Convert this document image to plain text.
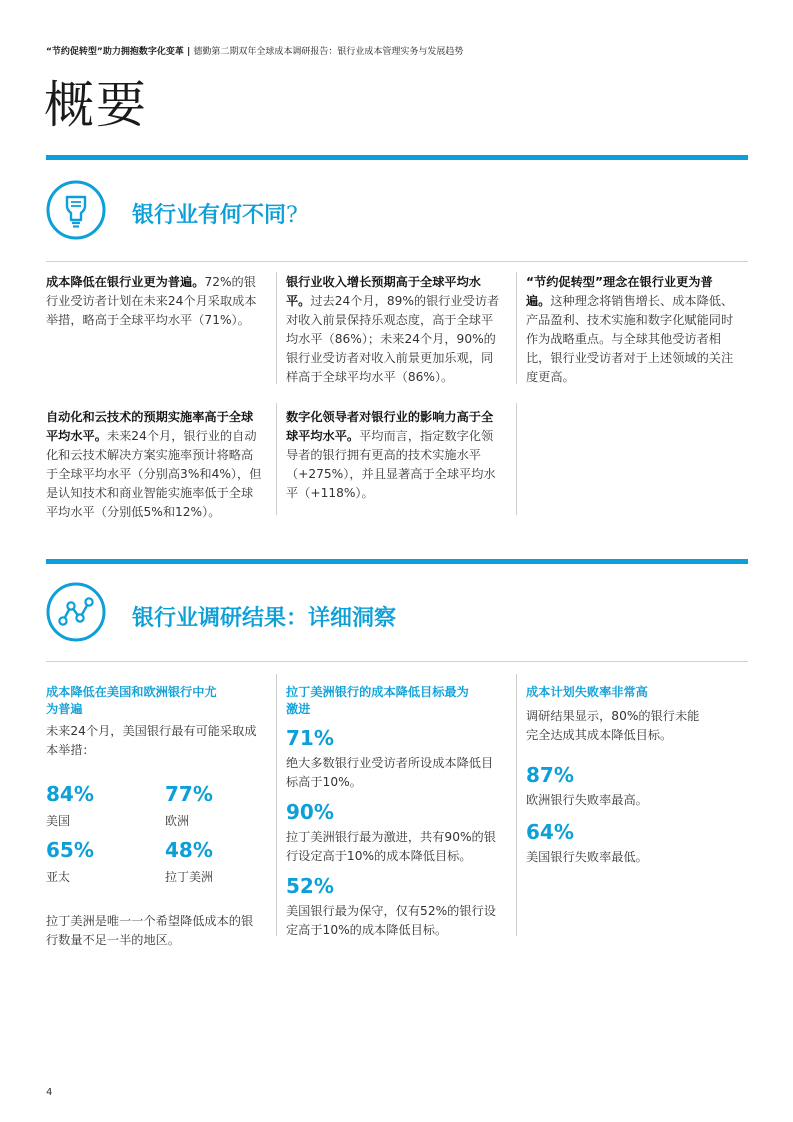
“节约促转型”助力拥抱数字化变革 | 德勤第二期双年全球成本调研报告：银行业成本管理实务与发展趋势
概要
银行业有何不同?
成本降低在银行业更为普遍。72%的银行业受访者计划在未来24个月采取成本举措，略高于全球平均水平（71%）。
银行业收入增长预期高于全球平均水平。过去24个月，89%的银行业受访者对收入前景保持乐观态度，高于全球平均水平（86%）；未来24个月，90%的银行业受访者对收入前景更加乐观，同样高于全球平均水平（86%）。
“节约促转型”理念在银行业更为普遍。这种理念将销售增长、成本降低、产品盈利、技术实施和数字化赋能同时作为战略重点。与全球其他受访者相比，银行业受访者对于上述领域的关注度更高。
自动化和云技术的预期实施率高于全球平均水平。未来24个月，银行业的自动化和云技术解决方案实施率预计将略高于全球平均水平（分别高3%和4%），但是认知技术和商业智能实施率低于全球平均水平（分别低5%和12%）。
数字化领导者对银行业的影响力高于全球平均水平。平均而言，指定数字化领导者的银行拥有更高的技术实施水平（+275%），并且显著高于全球平均水平（+118%）。
银行业调研结果：详细洞察
成本降低在美国和欧洲银行中尤为普遍
未来24个月，美国银行最有可能采取成本举措：
84%
美国
77%
欧洲
65%
亚太
48%
拉丁美洲
拉丁美洲是唯一一个希望降低成本的银行数量不足一半的地区。
拉丁美洲银行的成本降低目标最为激进
71%
绝大多数银行业受访者所设成本降低目标高于10%。
90%
拉丁美洲银行最为激进，共有90%的银行设定高于10%的成本降低目标。
52%
美国银行最为保守，仅有52%的银行设定高于10%的成本降低目标。
成本计划失败率非常高
调研结果显示，80%的银行未能完全达成其成本降低目标。
87%
欧洲银行失败率最高。
64%
美国银行失败率最低。
4
